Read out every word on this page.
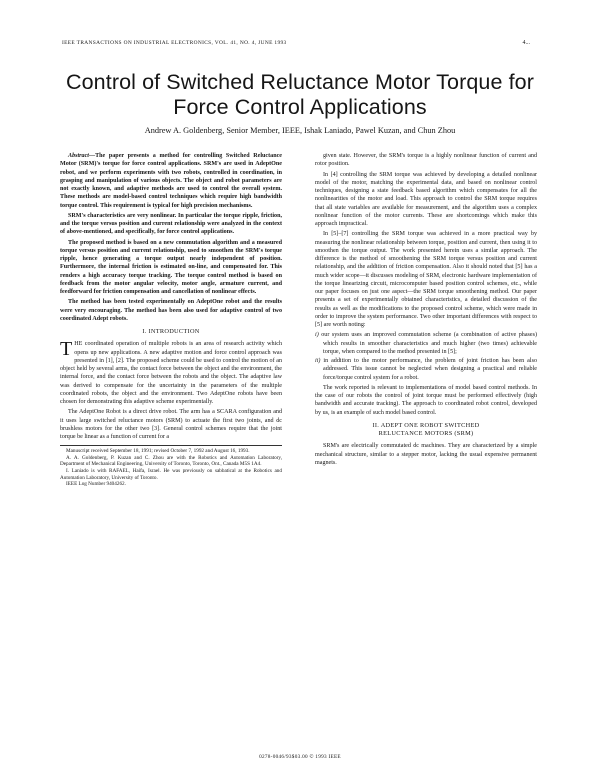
IEEE TRANSACTIONS ON INDUSTRIAL ELECTRONICS, VOL. 41, NO. 4, JUNE 1993	4...
Control of Switched Reluctance Motor Torque for Force Control Applications
Andrew A. Goldenberg, Senior Member, IEEE, Ishak Laniado, Pawel Kuzan, and Chun Zhou

Abstract—The paper presents a method for controlling Switched Reluctance Motor (SRM)'s torque for force control applications. SRM's are used in AdeptOne robot, and we perform experiments with two robots, controlled in coordination, in grasping and manipulation of various objects. The object and robot parameters are not exactly known, and adaptive methods are used to control the overall system. These methods are model-based control techniques which require high bandwidth torque control. This requirement is typical for high precision mechanisms.

SRM's characteristics are very nonlinear. In particular the torque ripple, friction, and the torque versus position and current relationship were analyzed in the context of above-mentioned, and specifically, for force control applications.

The proposed method is based on a new commutation algorithm and a measured torque versus position and current relationship, used to smoothen the SRM's torque ripple, hence generating a torque output nearly independent of position. Furthermore, the internal friction is estimated on-line, and compensated for. This renders a high accuracy torque tracking. The torque control method is based on feedback from the motor angular velocity, motor angle, armature current, and feedforward for friction compensation and cancellation of nonlinear effects.

The method has been tested experimentally on AdeptOne robot and the results were very encouraging. The method has been also used for adaptive control of two coordinated Adept robots.

I. INTRODUCTION

THE coordinated operation of multiple robots is an area of research activity which opens up new applications. A new adaptive motion and force control approach was presented in [1], [2]. The proposed scheme could be used to control the motion of an object held by several arms, the contact force between the object and the environment, the internal force, and the contact force between the robots and the object. The adaptive law was derived to compensate for the uncertainty in the parameters of the multiple coordinated robots, the object and the environment. Two AdeptOne robots have been chosen for demonstrating this adaptive scheme experimentally.

The AdeptOne Robot is a direct drive robot. The arm has a SCARA configuration and it uses large switched reluctance motors (SRM) to actuate the first two joints, and dc brushless motors for the other two [3]. General control schemes require that the joint torque be linear as a function of current for a

Manuscript received September 18, 1991; revised October 7, 1992 and August 16, 1993.

A. A. Goldenberg, P. Kuzan and C. Zhou are with the Robotics and Automation Laboratory, Department of Mechanical Engineering, University of Toronto, Toronto, Ont., Canada M5S 1A4.

I. Laniado is with RAFAEL, Haifa, Israel. He was previously on sabbatical at the Robotics and Automation Laboratory, University of Toronto.

IEEE Log Number 9404262.

given state. However, the SRM's torque is a highly nonlinear function of current and rotor position.

In [4] controlling the SRM torque was achieved by developing a detailed nonlinear model of the motor, matching the experimental data, and based on nonlinear control techniques, designing a state feedback based algorithm which compensates for all the nonlinearities of the motor and load. This approach to control the SRM torque requires that all state variables are available for measurement, and the algorithm uses a complex nonlinear function of the motor currents. These are shortcomings which make this approach impractical.

In [5]–[7] controlling the SRM torque was achieved in a more practical way by measuring the nonlinear relationship between torque, position and current, then using it to smoothen the torque output. The work presented herein uses a similar approach. The difference is the method of smoothening the SRM torque versus position and current relationship, and the addition of friction compensation. Also it should noted that [5] has a much wider scope—it discusses modeling of SRM, electronic hardware implementation of the torque linearizing circuit, microcomputer based position control schemes, etc., while our paper focuses on just one aspect—the SRM torque smoothening method. Our paper presents a set of experimentally obtained characteristics, a detailed discussion of the results as well as the modifications to the proposed control scheme, which were made in order to improve the system performance. Two other important differences with respect to [5] are worth noting:

i) our system uses an improved commutation scheme (a combination of active phases) which results in smoother characteristics and much higher (two times) achievable torque, when compared to the method presented in [5];
ii) in addition to the motor performance, the problem of joint friction has been also addressed. This issue cannot be neglected when designing a practical and reliable force/torque control system for a robot.

The work reported is relevant to implementations of model based control methods. In the case of our robots the control of joint torque must be performed effectively (high bandwidth and accurate tracking). The approach to coordinated robot control, developed by us, is an example of such model based control.

II. ADEPT ONE ROBOT SWITCHED
RELUCTANCE MOTORS (SRM)

SRM's are electrically commutated dc machines. They are characterized by a simple mechanical structure, similar to a stepper motor, lacking the usual expensive permanent magnets.

0278-0046/93$03.00 © 1993 IEEE
